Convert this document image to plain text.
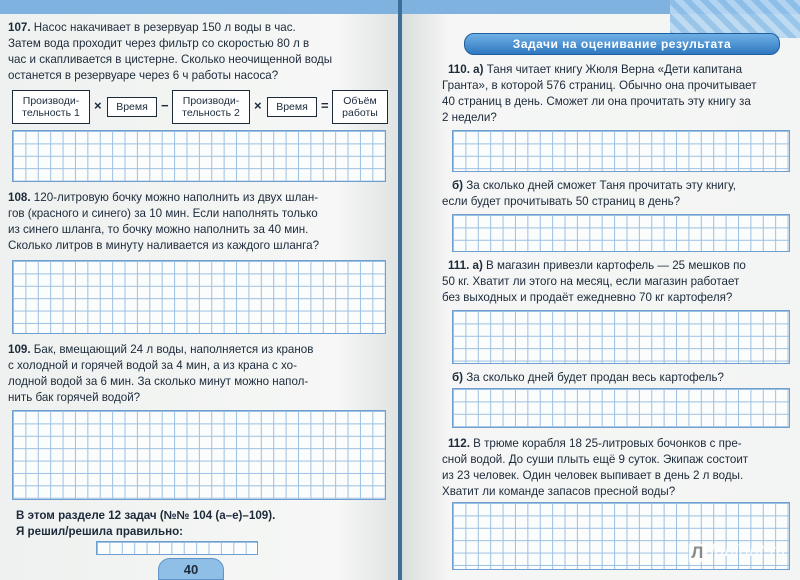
107. Насос накачивает в резервуар 150 л воды в час.
Затем вода проходит через фильтр со скоростью 80 л в
час и скапливается в цистерне. Сколько неочищенной воды
останется в резервуаре через 6 ч работы насоса?
Производи-
тельность 1	×	Время	−	Производи-
тельность 2	×	Время	=	Объём
работы
108. 120-литровую бочку можно наполнить из двух шлан-
гов (красного и синего) за 10 мин. Если наполнять только
из синего шланга, то бочку можно наполнить за 40 мин.
Сколько литров в минуту наливается из каждого шланга?
109. Бак, вмещающий 24 л воды, наполняется из кранов
с холодной и горячей водой за 4 мин, а из крана с хо-
лодной водой за 6 мин. За сколько минут можно напол-
нить бак горячей водой?
В этом разделе 12 задач (№№ 104 (а–е)–109).
Я решил/решила правильно:
40
Задачи на оценивание результата
110. а) Таня читает книгу Жюля Верна «Дети капитана
Гранта», в которой 576 страниц. Обычно она прочитывает
40 страниц в день. Сможет ли она прочитать эту книгу за
2 недели?
б) За сколько дней сможет Таня прочитать эту книгу,
если будет прочитывать 50 страниц в день?
111. а) В магазин привезли картофель — 25 мешков по
50 кг. Хватит ли этого на месяц, если магазин работает
без выходных и продаёт ежедневно 70 кг картофеля?
б) За сколько дней будет продан весь картофель?
112. В трюме корабля 18 25-литровых бочонков с пре-
сной водой. До суши плыть ещё 9 суток. Экипаж состоит
из 23 человек. Один человек выпивает в день 2 л воды.
Хватит ли команде запасов пресной воды?
Л labirint.ru
